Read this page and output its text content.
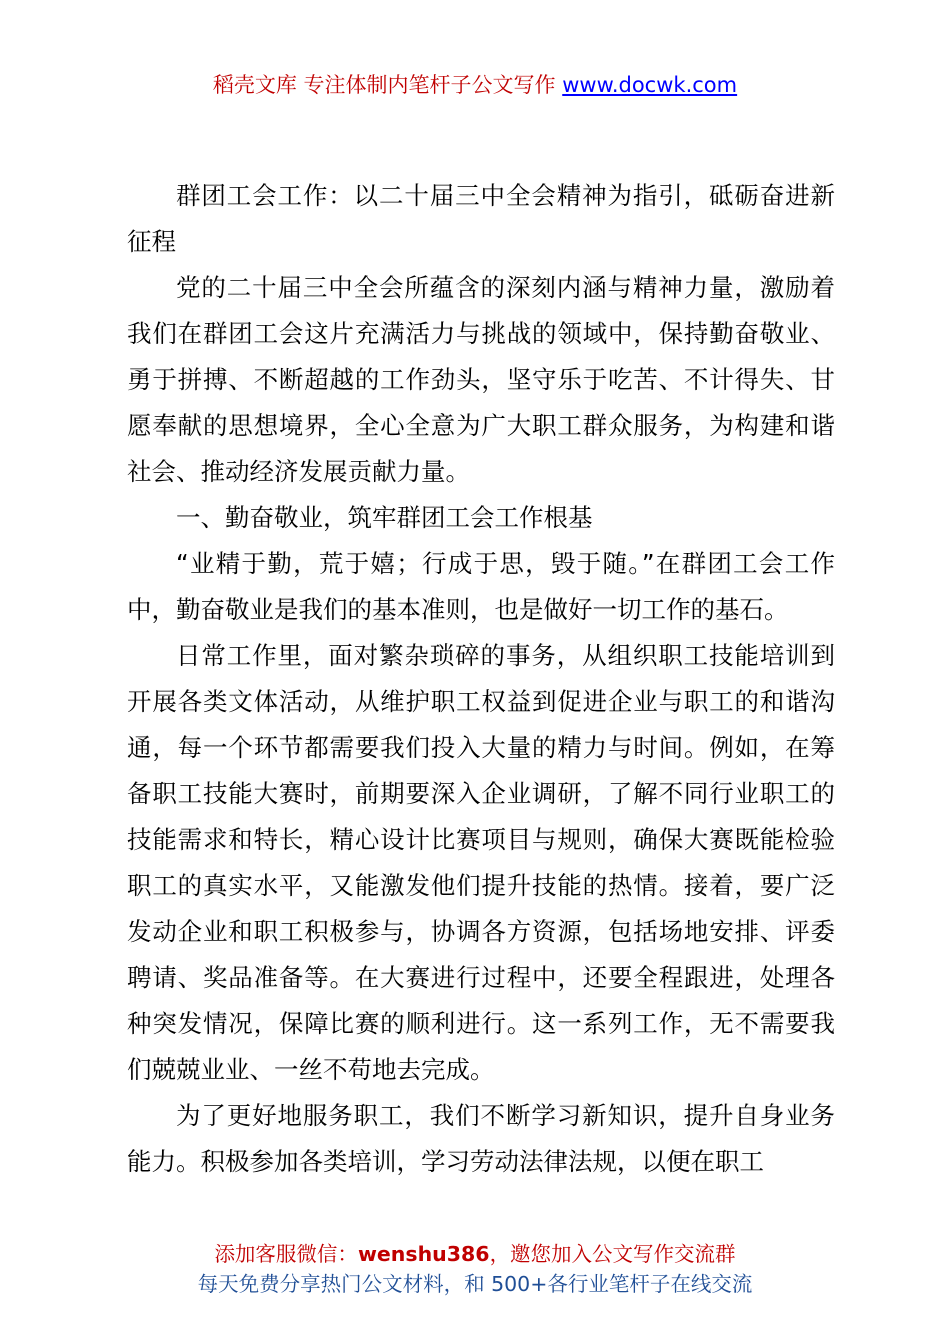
稻壳文库 专注体制内笔杆子公文写作 www.docwk.com

群团工会工作：以二十届三中全会精神为指引，砥砺奋进新征程

党的二十届三中全会所蕴含的深刻内涵与精神力量，激励着我们在群团工会这片充满活力与挑战的领域中，保持勤奋敬业、勇于拼搏、不断超越的工作劲头，坚守乐于吃苦、不计得失、甘愿奉献的思想境界，全心全意为广大职工群众服务，为构建和谐社会、推动经济发展贡献力量。

一、勤奋敬业，筑牢群团工会工作根基

“业精于勤，荒于嬉；行成于思，毁于随。”在群团工会工作中，勤奋敬业是我们的基本准则，也是做好一切工作的基石。

日常工作里，面对繁杂琐碎的事务，从组织职工技能培训到开展各类文体活动，从维护职工权益到促进企业与职工的和谐沟通，每一个环节都需要我们投入大量的精力与时间。例如，在筹备职工技能大赛时，前期要深入企业调研，了解不同行业职工的技能需求和特长，精心设计比赛项目与规则，确保大赛既能检验职工的真实水平，又能激发他们提升技能的热情。接着，要广泛发动企业和职工积极参与，协调各方资源，包括场地安排、评委聘请、奖品准备等。在大赛进行过程中，还要全程跟进，处理各种突发情况，保障比赛的顺利进行。这一系列工作，无不需要我们兢兢业业、一丝不苟地去完成。

为了更好地服务职工，我们不断学习新知识，提升自身业务能力。积极参加各类培训，学习劳动法律法规，以便在职工

添加客服微信：wenshu386，邀您加入公文写作交流群
每天免费分享热门公文材料，和 500+各行业笔杆子在线交流
